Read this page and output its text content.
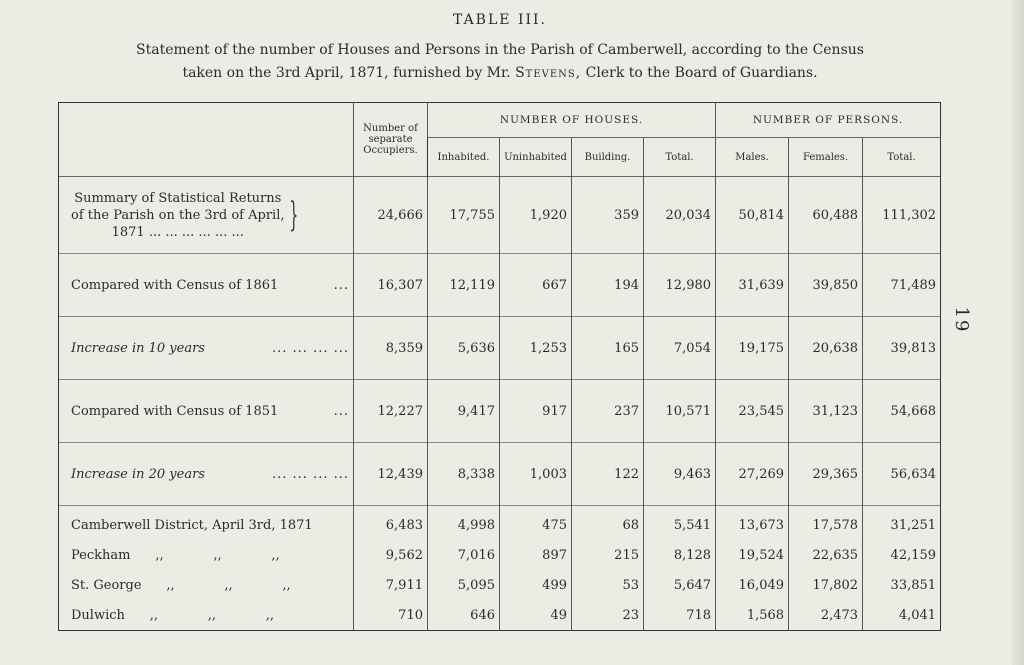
TABLE III.
Statement of the number of Houses and Persons in the Parish of Camberwell, according to the Census
taken on the 3rd April, 1871, furnished by Mr. Stevens, Clerk to the Board of Guardians.
19
	Number of separate Occupiers.	NUMBER OF HOUSES.				NUMBER OF PERSONS.		
		Inhabited.	Uninhabited	Building.	Total.	Males.	Females.	Total.

Summary of Statistical Returns
of the Parish on the 3rd of April,
1871 ... ... ... ... ... ... }	24,666	17,755	1,920	359	20,034	50,814	60,488	111,302

Compared with Census of 1861 ...	16,307	12,119	667	194	12,980	31,639	39,850	71,489

Increase in 10 years ... ... ... ...	8,359	5,636	1,253	165	7,054	19,175	20,638	39,813

Compared with Census of 1851 ...	12,227	9,417	917	237	10,571	23,545	31,123	54,668

Increase in 20 years ... ... ... ...	12,439	8,338	1,003	122	9,463	27,269	29,365	56,634
Camberwell District, April 3rd, 1871	6,483	4,998	475	68	5,541	13,673	17,578	31,251
Peckham ,, ,, ,,	9,562	7,016	897	215	8,128	19,524	22,635	42,159
St. George ,, ,, ,,	7,911	5,095	499	53	5,647	16,049	17,802	33,851
Dulwich ,, ,, ,,	710	646	49	23	718	1,568	2,473	4,041
